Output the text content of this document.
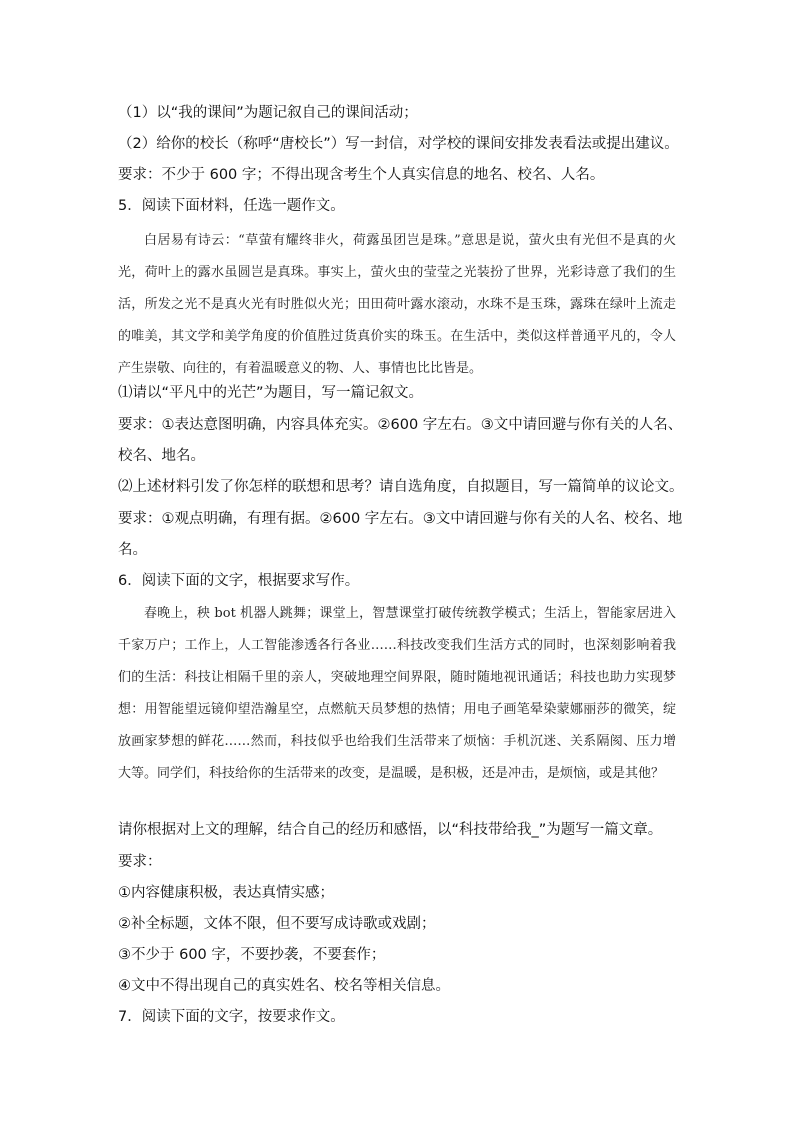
（1）以“我的课间”为题记叙自己的课间活动；
（2）给你的校长（称呼“唐校长”）写一封信，对学校的课间安排发表看法或提出建议。
要求：不少于 600 字；不得出现含考生个人真实信息的地名、校名、人名。
5．阅读下面材料，任选一题作文。
白居易有诗云：“草萤有耀终非火，荷露虽团岂是珠。”意思是说，萤火虫有光但不是真的火光，荷叶上的露水虽圆岂是真珠。事实上，萤火虫的莹莹之光装扮了世界，光彩诗意了我们的生活，所发之光不是真火光有时胜似火光；田田荷叶露水滚动，水珠不是玉珠，露珠在绿叶上流走的唯美，其文学和美学角度的价值胜过货真价实的珠玉。在生活中，类似这样普通平凡的，令人产生崇敬、向往的，有着温暖意义的物、人、事情也比比皆是。
⑴请以“平凡中的光芒”为题目，写一篇记叙文。
要求：①表达意图明确，内容具体充实。②600 字左右。③文中请回避与你有关的人名、
校名、地名。
⑵上述材料引发了你怎样的联想和思考？请自选角度，自拟题目，写一篇简单的议论文。
要求：①观点明确，有理有据。②600 字左右。③文中请回避与你有关的人名、校名、地
名。
6．阅读下面的文字，根据要求写作。
春晚上，秧 bot 机器人跳舞；课堂上，智慧课堂打破传统教学模式；生活上，智能家居进入千家万户；工作上，人工智能渗透各行各业……科技改变我们生活方式的同时，也深刻影响着我们的生活：科技让相隔千里的亲人，突破地理空间界限，随时随地视讯通话；科技也助力实现梦想：用智能望远镜仰望浩瀚星空，点燃航天员梦想的热情；用电子画笔晕染蒙娜丽莎的微笑，绽放画家梦想的鲜花……然而，科技似乎也给我们生活带来了烦恼：手机沉迷、关系隔阂、压力增大等。同学们，科技给你的生活带来的改变，是温暖，是积极，还是冲击，是烦恼，或是其他？
请你根据对上文的理解，结合自己的经历和感悟，以“科技带给我_”为题写一篇文章。
要求：
①内容健康积极，表达真情实感；
②补全标题，文体不限，但不要写成诗歌或戏剧；
③不少于 600 字，不要抄袭，不要套作；
④文中不得出现自己的真实姓名、校名等相关信息。
7．阅读下面的文字，按要求作文。
